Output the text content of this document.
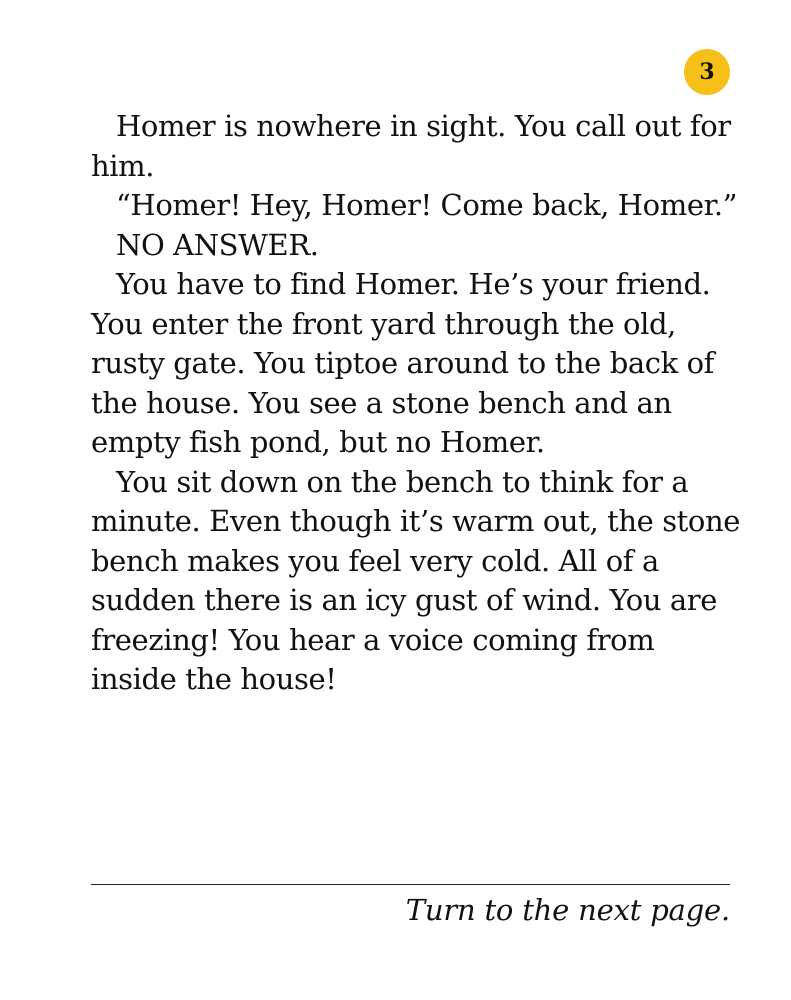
3

Homer is nowhere in sight. You call out for him.

“Homer! Hey, Homer! Come back, Homer.”

NO ANSWER.

You have to find Homer. He’s your friend. You enter the front yard through the old, rusty gate. You tiptoe around to the back of the house. You see a stone bench and an empty fish pond, but no Homer.

You sit down on the bench to think for a minute. Even though it’s warm out, the stone bench makes you feel very cold. All of a sudden there is an icy gust of wind. You are freezing! You hear a voice coming from inside the house!

Turn to the next page.
